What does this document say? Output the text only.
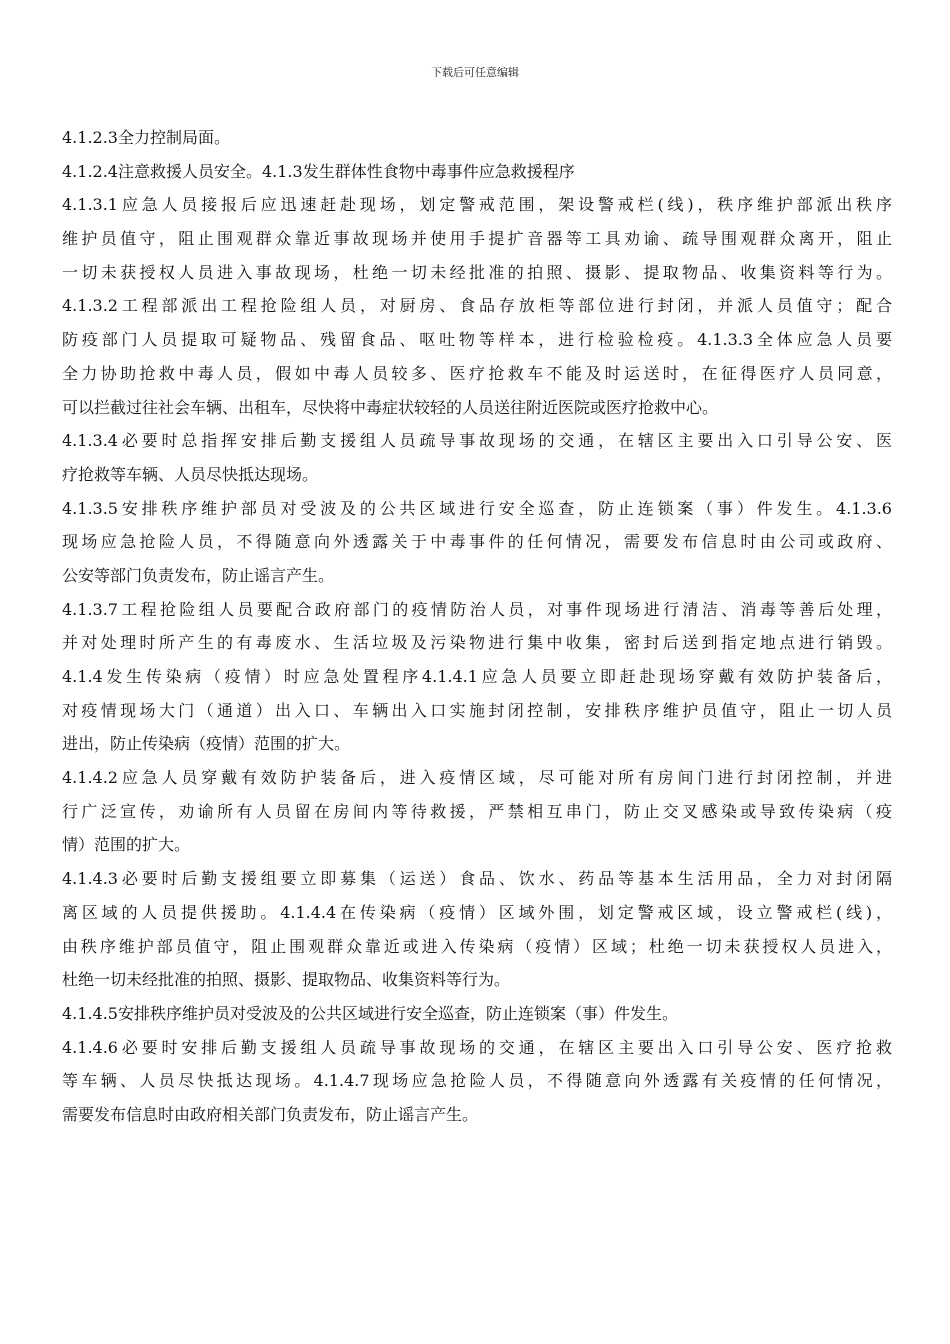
下载后可任意编辑
4.1.2.3全力控制局面。
4.1.2.4注意救援人员安全。4.1.3发生群体性食物中毒事件应急救援程序
4.1.3.1应急人员接报后应迅速赶赴现场，划定警戒范围，架设警戒栏(线)，秩序维护部派出秩序
维护员值守，阻止围观群众靠近事故现场并使用手提扩音器等工具劝谕、疏导围观群众离开，阻止
一切未获授权人员进入事故现场，杜绝一切未经批准的拍照、摄影、提取物品、收集资料等行为。
4.1.3.2工程部派出工程抢险组人员，对厨房、食品存放柜等部位进行封闭，并派人员值守；配合
防疫部门人员提取可疑物品、残留食品、呕吐物等样本，进行检验检疫。4.1.3.3全体应急人员要
全力协助抢救中毒人员，假如中毒人员较多、医疗抢救车不能及时运送时，在征得医疗人员同意，
可以拦截过往社会车辆、出租车，尽快将中毒症状较轻的人员送往附近医院或医疗抢救中心。
4.1.3.4必要时总指挥安排后勤支援组人员疏导事故现场的交通，在辖区主要出入口引导公安、医
疗抢救等车辆、人员尽快抵达现场。
4.1.3.5安排秩序维护部员对受波及的公共区域进行安全巡查，防止连锁案（事）件发生。4.1.3.6
现场应急抢险人员，不得随意向外透露关于中毒事件的任何情况，需要发布信息时由公司或政府、
公安等部门负责发布，防止谣言产生。
4.1.3.7工程抢险组人员要配合政府部门的疫情防治人员，对事件现场进行清洁、消毒等善后处理，
并对处理时所产生的有毒废水、生活垃圾及污染物进行集中收集，密封后送到指定地点进行销毁。
4.1.4发生传染病（疫情）时应急处置程序4.1.4.1应急人员要立即赶赴现场穿戴有效防护装备后，
对疫情现场大门（通道）出入口、车辆出入口实施封闭控制，安排秩序维护员值守，阻止一切人员
进出，防止传染病（疫情）范围的扩大。
4.1.4.2应急人员穿戴有效防护装备后，进入疫情区域，尽可能对所有房间门进行封闭控制，并进
行广泛宣传，劝谕所有人员留在房间内等待救援，严禁相互串门，防止交叉感染或导致传染病（疫
情）范围的扩大。
4.1.4.3必要时后勤支援组要立即募集（运送）食品、饮水、药品等基本生活用品，全力对封闭隔
离区域的人员提供援助。4.1.4.4在传染病（疫情）区域外围，划定警戒区域，设立警戒栏(线)，
由秩序维护部员值守，阻止围观群众靠近或进入传染病（疫情）区域；杜绝一切未获授权人员进入，
杜绝一切未经批准的拍照、摄影、提取物品、收集资料等行为。
4.1.4.5安排秩序维护员对受波及的公共区域进行安全巡查，防止连锁案（事）件发生。
4.1.4.6必要时安排后勤支援组人员疏导事故现场的交通，在辖区主要出入口引导公安、医疗抢救
等车辆、人员尽快抵达现场。4.1.4.7现场应急抢险人员，不得随意向外透露有关疫情的任何情况，
需要发布信息时由政府相关部门负责发布，防止谣言产生。
